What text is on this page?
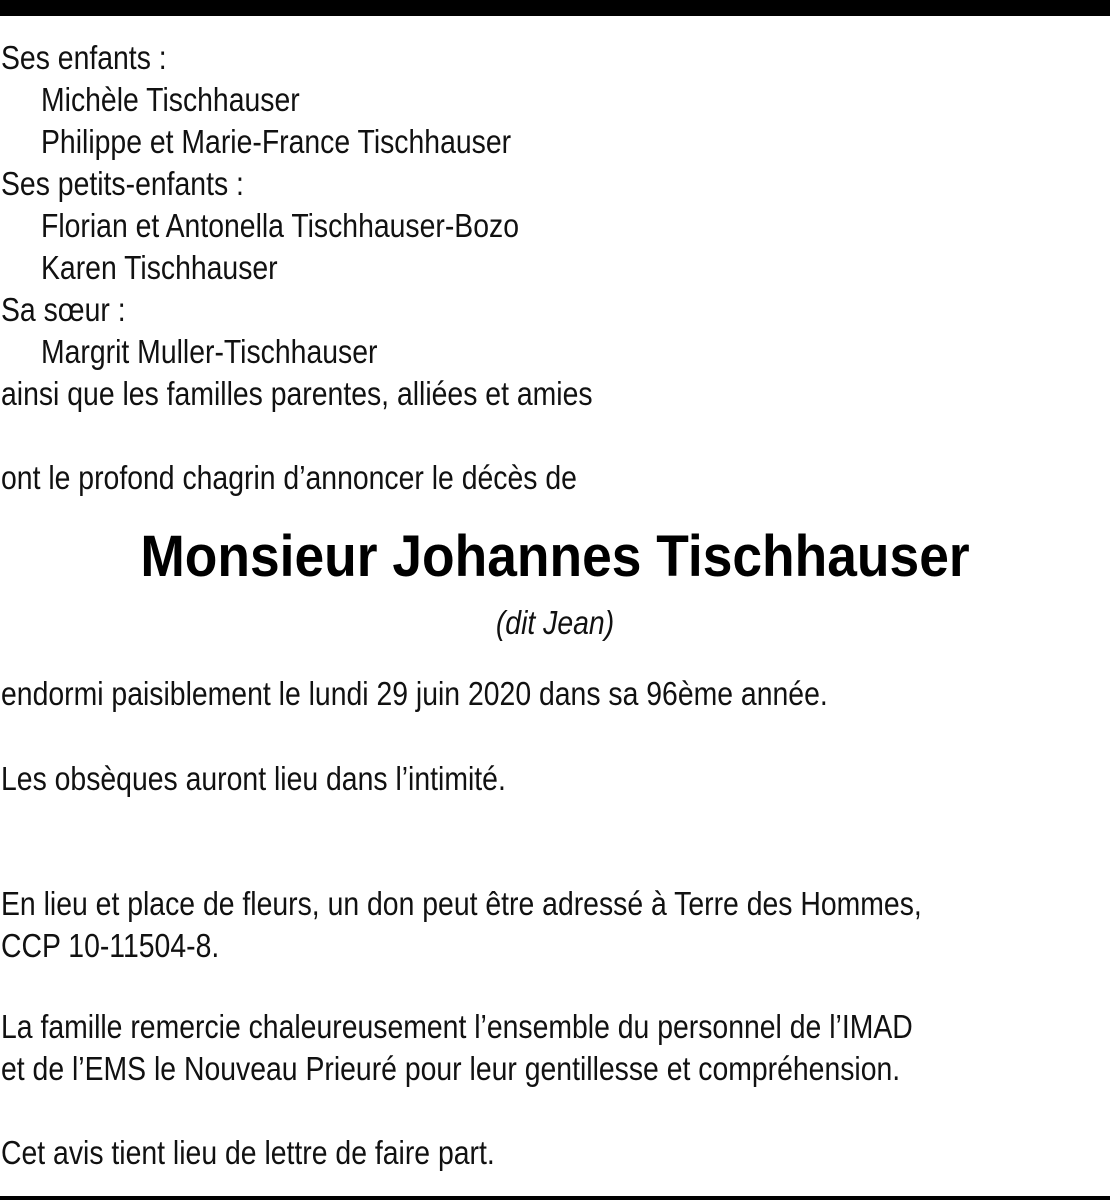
Ses enfants :
Michèle Tischhauser
Philippe et Marie-France Tischhauser
Ses petits-enfants :
Florian et Antonella Tischhauser-Bozo
Karen Tischhauser
Sa sœur :
Margrit Muller-Tischhauser
ainsi que les familles parentes, alliées et amies
ont le profond chagrin d’annoncer le décès de
Monsieur Johannes Tischhauser
(dit Jean)
endormi paisiblement le lundi 29 juin 2020 dans sa 96ème année.
Les obsèques auront lieu dans l’intimité.
En lieu et place de fleurs, un don peut être adressé à Terre des Hommes,
CCP 10-11504-8.
La famille remercie chaleureusement l’ensemble du personnel de l’IMAD
et de l’EMS le Nouveau Prieuré pour leur gentillesse et compréhension.
Cet avis tient lieu de lettre de faire part.
